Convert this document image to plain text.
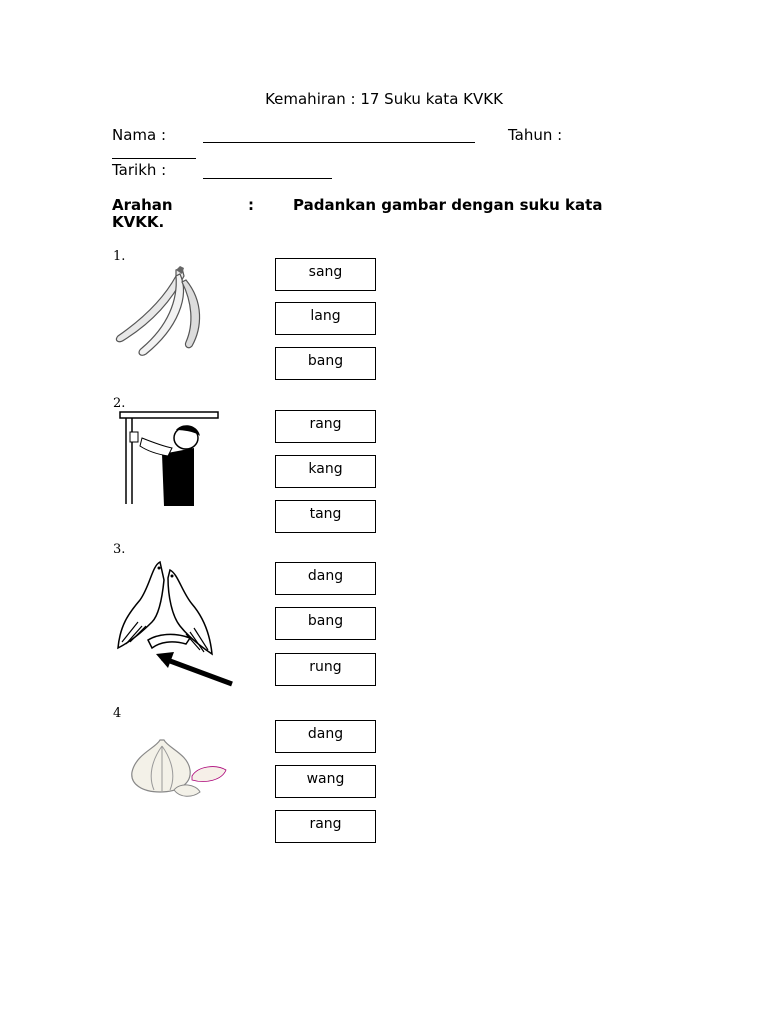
Kemahiran : 17 Suku kata KVKK
Nama :	Tahun :
Tarikh :
Arahan	:	Padankan gambar dengan suku kata
KVKK.
1.
sang
lang
bang
2.
rang
kang
tang
3.
dang
bang
rung
4
dang
wang
rang
